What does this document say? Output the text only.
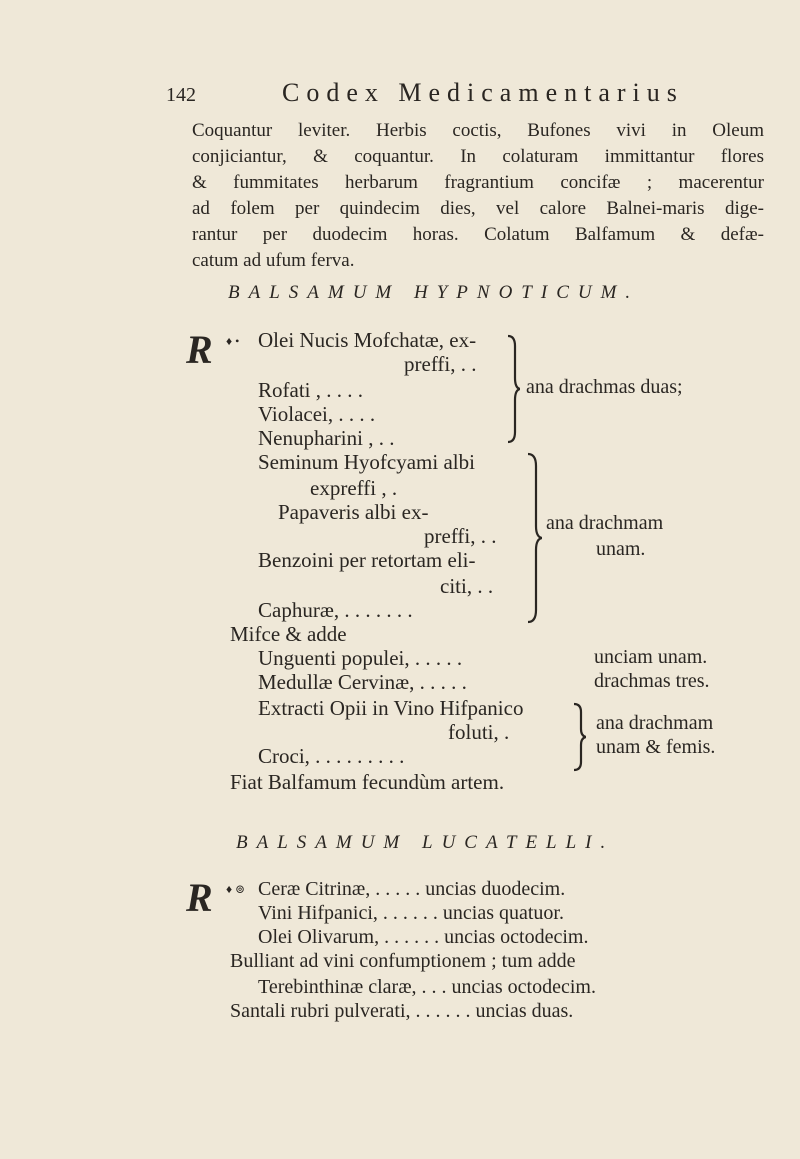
142	Codex Medicamentarius
Coquantur leviter. Herbis coctis, Bufones vivi in Oleum
conjiciantur, & coquantur. In colaturam immittantur flores
& fummitates herbarum fragrantium concifæ ; macerentur
ad folem per quindecim dies, vel calore Balnei-maris dige-
rantur per duodecim horas. Colatum Balfamum & defæ-
catum ad ufum ferva.
BALSAMUM HYPNOTICUM.
R ♦ • Olei Nucis Mofchatæ, ex-
preffi, . .
Rofati , . . . .
Violacei, . . . .
Nenupharini , . .
ana drachmas duas;
Seminum Hyofcyami albi
expreffi , .
Papaveris albi ex-
preffi, . .
Benzoini per retortam eli-
citi, . .
Caphuræ, . . . . . . .
ana drachmam
unam.
Mifce & adde
Unguenti populei, . . . . .	unciam unam.
Medullæ Cervinæ, . . . . .	drachmas tres.
Extracti Opii in Vino Hifpanico
foluti, .
Croci, . . . . . . . . .
ana drachmam
unam & femis.
Fiat Balfamum fecundùm artem.
BALSAMUM LUCATELLI.
R ♦ ⊚ Ceræ Citrinæ, . . . . . uncias duodecim.
Vini Hifpanici, . . . . . . uncias quatuor.
Olei Olivarum, . . . . . . uncias octodecim.
Bulliant ad vini confumptionem ; tum adde
Terebinthinæ claræ, . . . uncias octodecim.
Santali rubri pulverati, . . . . . . uncias duas.
